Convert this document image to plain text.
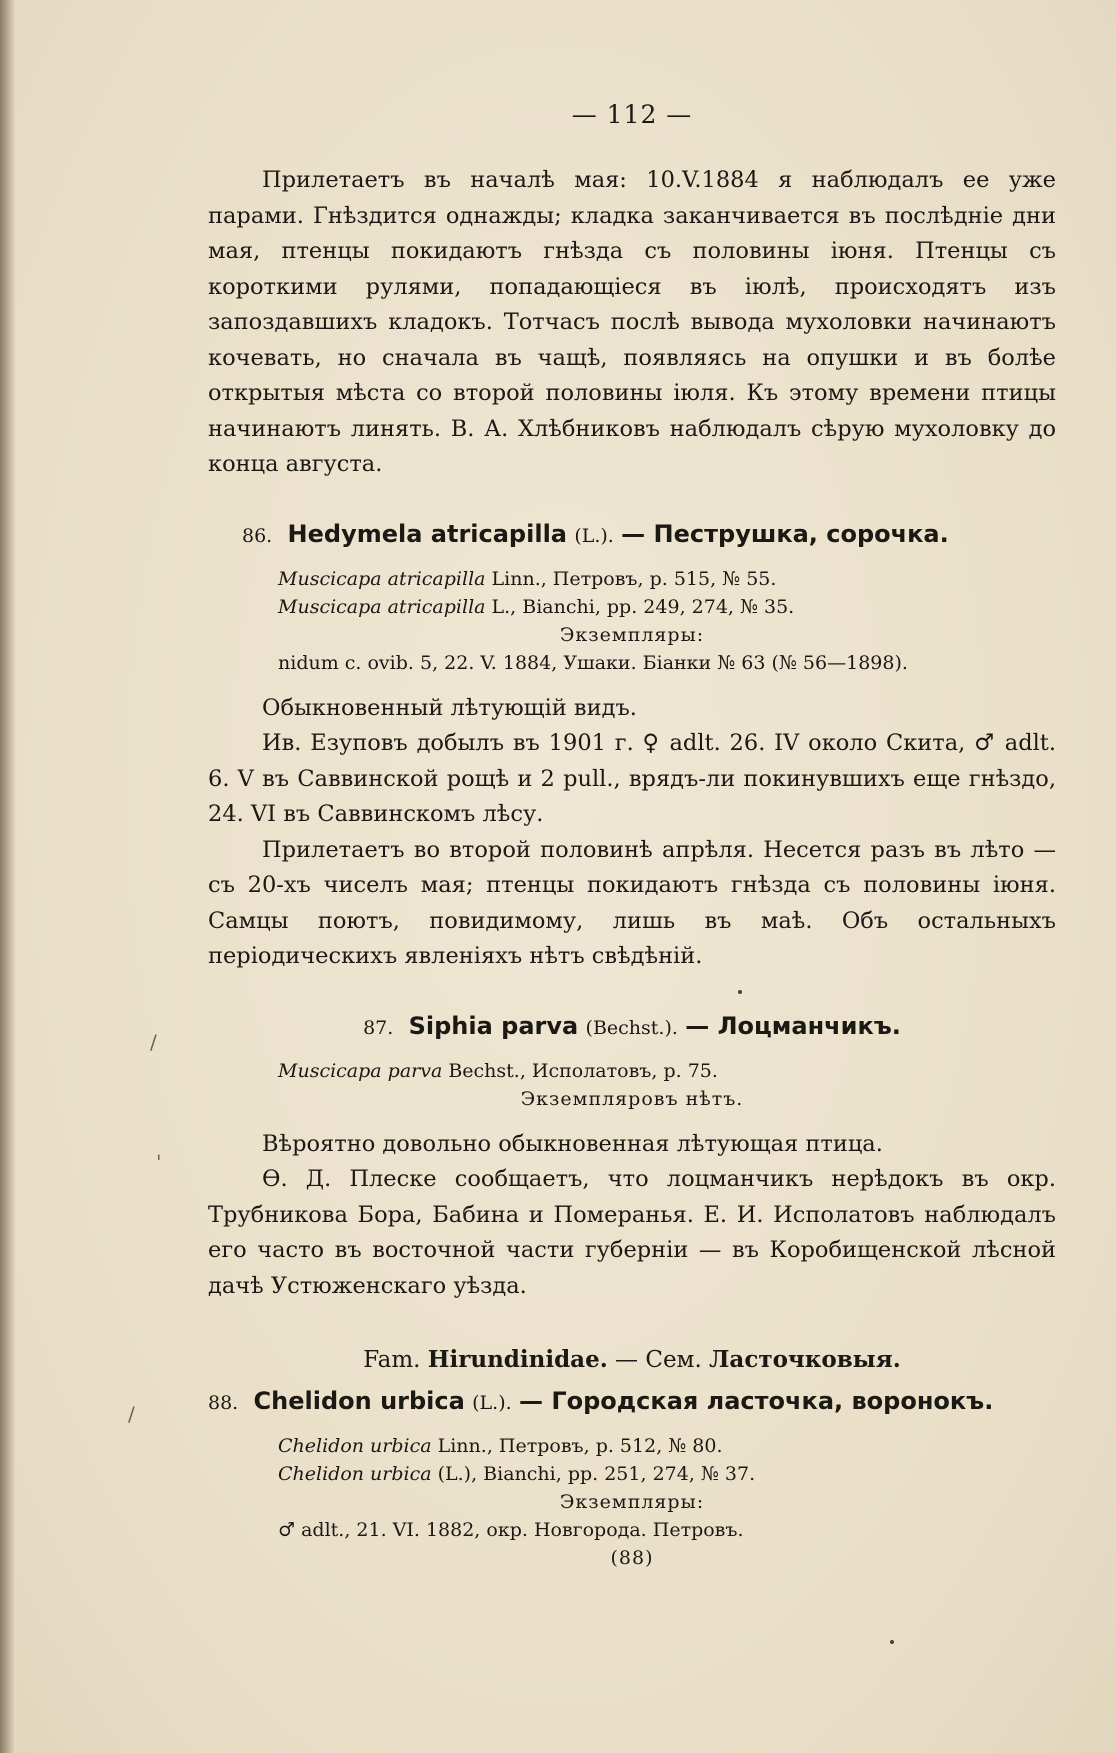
— 112 —

Прилетаетъ въ началѣ мая: 10.V.1884 я наблюдалъ ее уже парами. Гнѣздится однажды; кладка заканчивается въ послѣднiе дни мая, птенцы покидаютъ гнѣзда съ половины iюня. Птенцы съ короткими рулями, попадающiеся въ iюлѣ, происходятъ изъ запоздавшихъ кладокъ. Тотчасъ послѣ вывода мухоловки начинаютъ кочевать, но сначала въ чащѣ, появляясь на опушки и въ болѣе открытыя мѣста со второй половины iюля. Къ этому времени птицы начинаютъ линять. В. А. Хлѣбниковъ наблюдалъ сѣрую мухоловку до конца августа.

86. Hedymela atricapilla (L.). — Пеструшка, сорочка.
Muscicapa atricapilla Linn., Петровъ, p. 515, № 55.
Muscicapa atricapilla L., Bianchi, pp. 249, 274, № 35.
Экземпляры:
nidum c. ovib. 5, 22. V. 1884, Ушаки. Бiанки № 63 (№ 56—1898).

Обыкновенный лѣтующiй видъ.

Ив. Езуповъ добылъ въ 1901 г. ♀ adlt. 26. IV около Скита, ♂ adlt. 6. V въ Саввинской рощѣ и 2 pull., врядъ-ли покинувшихъ еще гнѣздо, 24. VI въ Саввинскомъ лѣсу.

Прилетаетъ во второй половинѣ апрѣля. Несется разъ въ лѣто — съ 20-хъ чиселъ мая; птенцы покидаютъ гнѣзда съ половины iюня. Самцы поютъ, повидимому, лишь въ маѣ. Объ остальныхъ перiодическихъ явленiяхъ нѣтъ свѣдѣнiй.

87. Siphia parva (Bechst.). — Лоцманчикъ.
Muscicapa parva Bechst., Исполатовъ, p. 75.
Экземпляровъ нѣтъ.

Вѣроятно довольно обыкновенная лѣтующая птица.

Ѳ. Д. Плеске сообщаетъ, что лоцманчикъ нерѣдокъ въ окр. Трубникова Бора, Бабина и Померанья. Е. И. Исполатовъ наблюдалъ его часто въ восточной части губернiи — въ Коробищенской лѣсной дачѣ Устюженскаго уѣзда.

Fam. Hirundinidae. — Сем. Ласточковыя.
88. Chelidon urbica (L.). — Городская ласточка, воронокъ.
Chelidon urbica Linn., Петровъ, p. 512, № 80.
Chelidon urbica (L.), Bianchi, pp. 251, 274, № 37.
Экземпляры:
♂ adlt., 21. VI. 1882, окр. Новгорода. Петровъ.
(88)
/
'
/
